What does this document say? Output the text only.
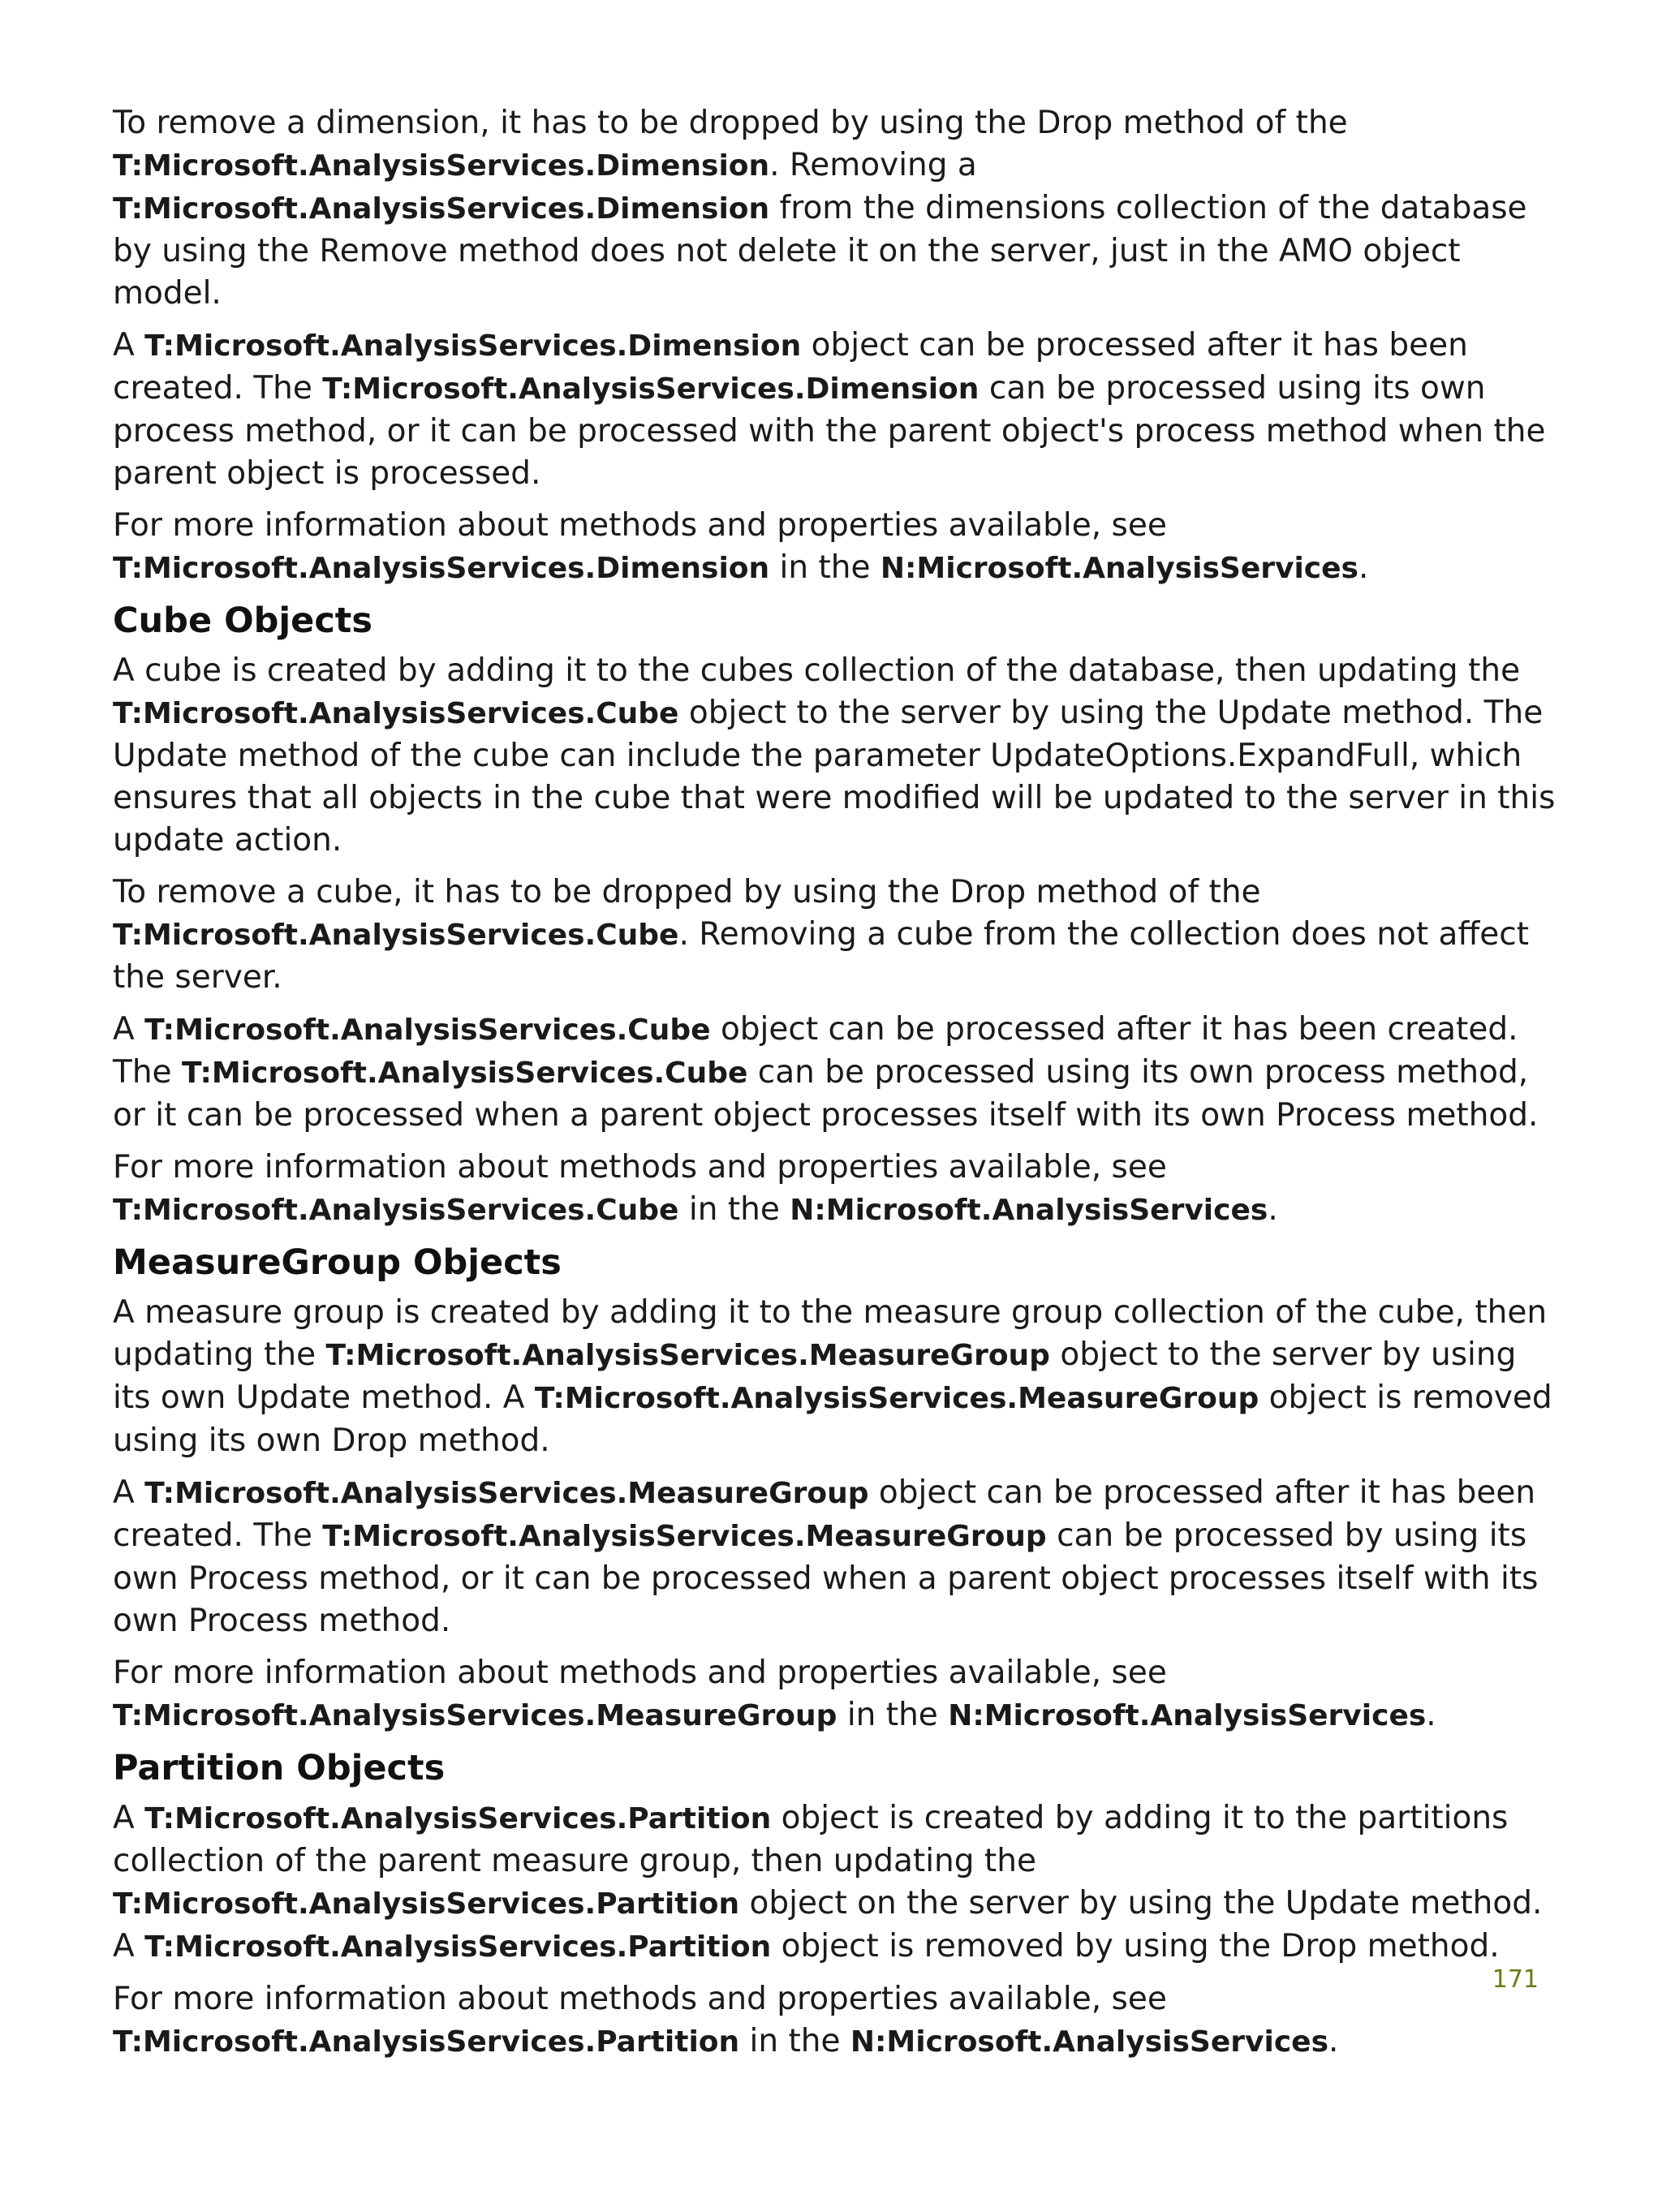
To remove a dimension, it has to be dropped by using the Drop method of the T:Microsoft.AnalysisServices.Dimension. Removing a T:Microsoft.AnalysisServices.Dimension from the dimensions collection of the database by using the Remove method does not delete it on the server, just in the AMO object model.

A T:Microsoft.AnalysisServices.Dimension object can be processed after it has been created. The T:Microsoft.AnalysisServices.Dimension can be processed using its own process method, or it can be processed with the parent object's process method when the parent object is processed.

For more information about methods and properties available, see T:Microsoft.AnalysisServices.Dimension in the N:Microsoft.AnalysisServices.

Cube Objects

A cube is created by adding it to the cubes collection of the database, then updating the T:Microsoft.AnalysisServices.Cube object to the server by using the Update method. The Update method of the cube can include the parameter UpdateOptions.ExpandFull, which ensures that all objects in the cube that were modified will be updated to the server in this update action.

To remove a cube, it has to be dropped by using the Drop method of the T:Microsoft.AnalysisServices.Cube. Removing a cube from the collection does not affect the server.

A T:Microsoft.AnalysisServices.Cube object can be processed after it has been created. The T:Microsoft.AnalysisServices.Cube can be processed using its own process method, or it can be processed when a parent object processes itself with its own Process method.

For more information about methods and properties available, see T:Microsoft.AnalysisServices.Cube in the N:Microsoft.AnalysisServices.

MeasureGroup Objects

A measure group is created by adding it to the measure group collection of the cube, then updating the T:Microsoft.AnalysisServices.MeasureGroup object to the server by using its own Update method. A T:Microsoft.AnalysisServices.MeasureGroup object is removed using its own Drop method.

A T:Microsoft.AnalysisServices.MeasureGroup object can be processed after it has been created. The T:Microsoft.AnalysisServices.MeasureGroup can be processed by using its own Process method, or it can be processed when a parent object processes itself with its own Process method.

For more information about methods and properties available, see T:Microsoft.AnalysisServices.MeasureGroup in the N:Microsoft.AnalysisServices.

Partition Objects

A T:Microsoft.AnalysisServices.Partition object is created by adding it to the partitions collection of the parent measure group, then updating the T:Microsoft.AnalysisServices.Partition object on the server by using the Update method. A T:Microsoft.AnalysisServices.Partition object is removed by using the Drop method.

For more information about methods and properties available, see T:Microsoft.AnalysisServices.Partition in the N:Microsoft.AnalysisServices.

171
